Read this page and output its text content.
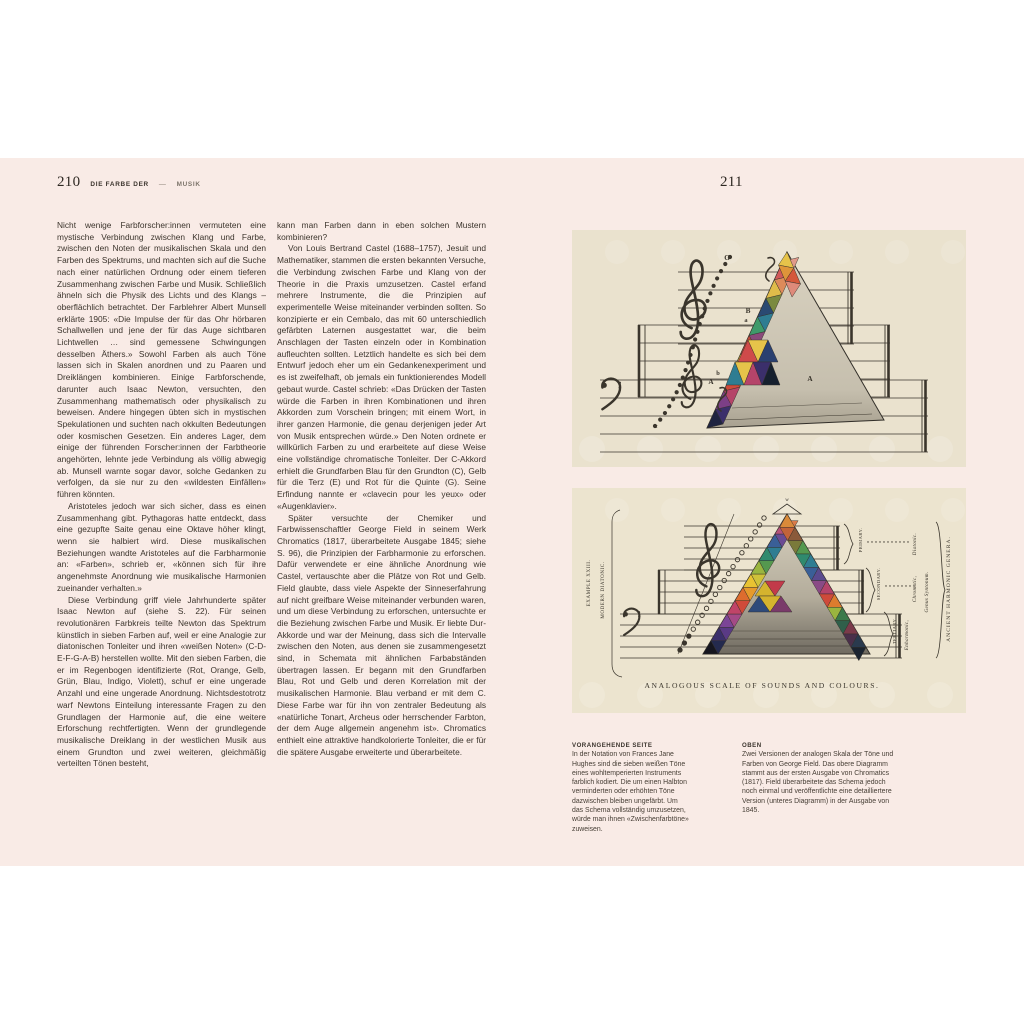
210 DIE FARBE DER — MUSIK	211

Nicht wenige Farbforscher:innen vermuteten eine mystische Verbindung zwischen Klang und Farbe, zwischen den Noten der musikalischen Skala und den Farben des Spektrums, und machten sich auf die Suche nach einer natürlichen Ordnung oder einem tieferen Zusammenhang zwischen Farbe und Musik. Schließlich ähneln sich die Physik des Lichts und des Klangs – oberflächlich betrachtet. Der Farblehrer Albert Munsell erklärte 1905: «Die Impulse der für das Ohr hörbaren Schallwellen und jene der für das Auge sichtbaren Lichtwellen … sind gemessene Schwingungen desselben Äthers.» Sowohl Farben als auch Töne lassen sich in Skalen anordnen und zu Paaren und Dreiklängen kombinieren. Einige Farbforschende, darunter auch Isaac Newton, versuchten, den Zusammenhang mathematisch oder physikalisch zu beweisen. Andere hingegen übten sich in mystischen Spekulationen und suchten nach okkulten Bedeutungen oder kosmischen Gesetzen. Ein anderes Lager, dem einige der führenden Forscher:innen der Farbtheorie angehörten, lehnte jede Verbindung als völlig abwegig ab. Munsell warnte sogar davor, solche Gedanken zu verfolgen, da sie nur zu den «wildesten Einfällen» führen könnten.

Aristoteles jedoch war sich sicher, dass es einen Zusammenhang gibt. Pythagoras hatte entdeckt, dass eine gezupfte Saite genau eine Oktave höher klingt, wenn sie halbiert wird. Diese musikalischen Beziehungen wandte Aristoteles auf die Farbharmonie an: «Farben», schrieb er, «können sich für ihre angenehmste Anordnung wie musikalische Harmonien zueinander verhalten.»

Diese Verbindung griff viele Jahrhunderte später Isaac Newton auf (siehe S. 22). Für seinen revolutionären Farbkreis teilte Newton das Spektrum künstlich in sieben Farben auf, weil er eine Analogie zur diatonischen Tonleiter und ihren «weißen Noten» (C-D-E-F-G-A-B) herstellen wollte. Mit den sieben Farben, die er im Regenbogen identifizierte (Rot, Orange, Gelb, Grün, Blau, Indigo, Violett), schuf er eine ungerade Anzahl und eine ungerade Anordnung. Nichtsdestotrotz warf Newtons Einteilung interessante Fragen zu den Grundlagen der Harmonie auf, die eine weitere Erforschung rechtfertigten. Wenn der grundlegende musikalische Dreiklang in der westlichen Musik aus einem Grundton und zwei weiteren, gleichmäßig verteilten Tönen besteht,

kann man Farben dann in eben solchen Mustern kombinieren?

Von Louis Bertrand Castel (1688–1757), Jesuit und Mathematiker, stammen die ersten bekannten Versuche, die Verbindung zwischen Farbe und Klang von der Theorie in die Praxis umzusetzen. Castel erfand mehrere Instrumente, die die Prinzipien auf experimentelle Weise miteinander verbinden sollten. So konzipierte er ein Cembalo, das mit 60 unterschiedlich gefärbten Laternen ausgestattet war, die beim Anschlagen der Tasten einzeln oder in Kombination aufleuchten sollten. Letztlich handelte es sich bei dem Entwurf jedoch eher um ein Gedankenexperiment und es ist zweifelhaft, ob jemals ein funktionierendes Modell gebaut wurde. Castel schrieb: «Das Drücken der Tasten würde die Farben in ihren Kombinationen und ihren Akkorden zum Vorschein bringen; mit einem Wort, in ihrer ganzen Harmonie, die genau derjenigen jeder Art von Musik entsprechen würde.» Den Noten ordnete er willkürlich Farben zu und erarbeitete auf diese Weise eine vollständige chromatische Tonleiter. Der C-Akkord erhielt die Grundfarben Blau für den Grundton (C), Gelb für die Terz (E) und Rot für die Quinte (G). Seine Erfindung nannte er «clavecin pour les yeux» oder «Augenklavier».

Später versuchte der Chemiker und Farbwissenschaftler George Field in seinem Werk Chromatics (1817, überarbeitete Ausgabe 1845; siehe S. 96), die Prinzipien der Farbharmonie zu erforschen. Dafür verwendete er eine ähnliche Anordnung wie Castel, vertauschte aber die Plätze von Rot und Gelb. Field glaubte, dass viele Aspekte der Sinneserfahrung auf nicht greifbare Weise miteinander verbunden waren, und um diese Verbindung zu erforschen, untersuchte er die Beziehung zwischen Farbe und Musik. Er liebte Dur-Akkorde und war der Meinung, dass sich die Intervalle zwischen den Noten, aus denen sie zusammengesetzt sind, in Schemata mit ähnlichen Farbabständen übertragen lassen. Er begann mit den Grundfarben Blau, Rot und Gelb und deren Korrelation mit der musikalischen Harmonie. Blau verband er mit dem C. Diese Farbe war für ihn von zentraler Bedeutung als «natürliche Tonart, Archeus oder herrschender Farbton, der dem Auge allgemein angenehm ist». Chromatics enthielt eine attraktive handkolorierte Tonleiter, die er für die spätere Ausgabe erweiterte und überarbeitete.

G
B
a
b
A
c
A
w
EXAMPLE XXIII. MODERN DIATONIC.
PRIMARY.
SECONDARY.
TERTIARY.
Diatonic.
Chromatic,
Enharmonic,
Genus Syntonum.	ANCIENT HARMONIC GENERA.
ANALOGOUS SCALE OF SOUNDS AND COLOURS.

VORANGEHENDE SEITE

In der Notation von Frances Jane Hughes sind die sieben weißen Töne eines wohltemperierten Instruments farblich kodiert. Die um einen Halbton verminderten oder erhöhten Töne dazwischen bleiben ungefärbt. Um das Schema vollständig umzusetzen, würde man ihnen «Zwischenfarbtöne» zuweisen.

OBEN

Zwei Versionen der analogen Skala der Töne und Farben von George Field. Das obere Diagramm stammt aus der ersten Ausgabe von Chromatics (1817). Field überarbeitete das Schema jedoch noch einmal und veröffentlichte eine detailliertere Version (unteres Diagramm) in der Ausgabe von 1845.
